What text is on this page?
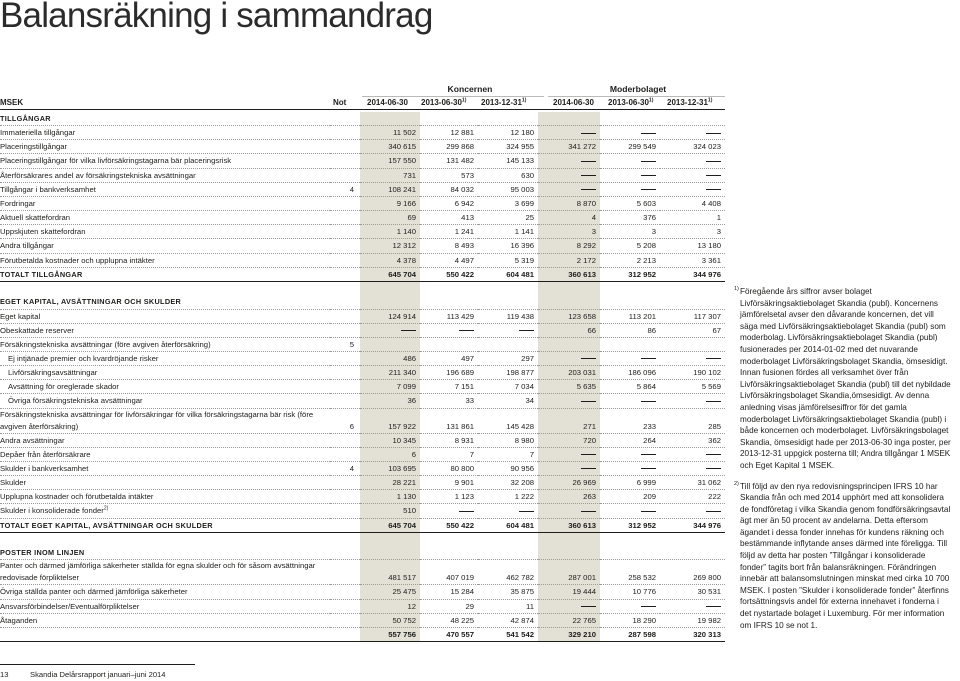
Balansräkning i sammandrag
Koncernen	Moderbolaget
MSEK	Not	2014-06-30 2013-06-30$^{1)}$ 2013-12-31$^{1)}$	2014-06-30 2013-06-30$^{1)}$ 2013-12-31$^{1)}$
TILLGÅNGAR							
Immateriella tillgångar		11 502	12 881	12 180			
Placeringstillgångar		340 615	299 868	324 955	341 272	299 549	324 023
Placeringstillgångar för vilka livförsäkringstagarna bär placeringsrisk		157 550	131 482	145 133			
Återförsäkrares andel av försäkringstekniska avsättningar		731	573	630			
Tillgångar i bankverksamhet	4	108 241	84 032	95 003			
Fordringar		9 166	6 942	3 699	8 870	5 603	4 408
Aktuell skattefordran		69	413	25	4	376	1
Uppskjuten skattefordran		1 140	1 241	1 141	3	3	3
Andra tillgångar		12 312	8 493	16 396	8 292	5 208	13 180
Förutbetalda kostnader och upplupna intäkter		4 378	4 497	5 319	2 172	2 213	3 361
TOTALT TILLGÅNGAR		645 704	550 422	604 481	360 613	312 952	344 976

EGET KAPITAL, AVSÄTTNINGAR OCH SKULDER							
Eget kapital		124 914	113 429	119 438	123 658	113 201	117 307
Obeskattade reserver					66	86	67
Försäkringstekniska avsättningar (före avgiven återförsäkring)	5						
Ej intjänade premier och kvardröjande risker		486	497	297			
Livförsäkringsavsättningar		211 340	196 689	198 877	203 031	186 096	190 102
Avsättning för oreglerade skador		7 099	7 151	7 034	5 635	5 864	5 569
Övriga försäkringstekniska avsättningar		36	33	34			
Försäkringstekniska avsättningar för livförsäkringar för vilka försäkringstagarna bär risk (före avgiven återförsäkring)	6	157 922	131 861	145 428	271	233	285
Andra avsättningar		10 345	8 931	8 980	720	264	362
Depåer från återförsäkrare		6	7	7			
Skulder i bankverksamhet	4	103 695	80 800	90 956			
Skulder		28 221	9 901	32 208	26 969	6 999	31 062
Upplupna kostnader och förutbetalda intäkter		1 130	1 123	1 222	263	209	222
Skulder i konsoliderade fonder$^{2)}$		510					
TOTALT EGET KAPITAL, AVSÄTTNINGAR OCH SKULDER		645 704	550 422	604 481	360 613	312 952	344 976

POSTER INOM LINJEN							
Panter och därmed jämförliga säkerheter ställda för egna skulder och för såsom avsättningar redovisade förpliktelser		481 517	407 019	462 782	287 001	258 532	269 800
Övriga ställda panter och därmed jämförliga säkerheter		25 475	15 284	35 875	19 444	10 776	30 531
Ansvarsförbindelser/Eventualförpliktelser		12	29	11			
Åtaganden		50 752	48 225	42 874	22 765	18 290	19 982
		557 756	470 557	541 542	329 210	287 598	320 313
1) Föregående års siffror avser bolaget Livförsäkringsaktiebolaget Skandia (publ). Koncernens jämförelsetal avser den dåvarande koncernen, det vill säga med Livförsäkringsaktiebolaget Skandia (publ) som moderbolag. Livförsäkringsaktiebolaget Skandia (publ) fusionerades per 2014-01-02 med det nuvarande moderbolaget Livförsäkringsbolaget Skandia, ömsesidigt. Innan fusionen fördes all verksamhet över från Livförsäkringsaktiebolaget Skandia (publ) till det nybildade Livförsäkringsbolaget Skandia,ömsesidigt. Av denna anledning visas jämförelsesiffror för det gamla moderbolaget Livförsäkringsaktiebolaget Skandia (publ) i både koncernen och moderbolaget. Livförsäkringsbolaget Skandia, ömsesidigt hade per 2013-06-30 inga poster, per 2013-12-31 uppgick posterna till; Andra tillgångar 1 MSEK och Eget Kapital 1 MSEK.
2) Till följd av den nya redovisningsprincipen IFRS 10 har Skandia från och med 2014 upphört med att konsolidera de fondföretag i vilka Skandia genom fondförsäkringsavtal ägt mer än 50 procent av andelarna. Detta eftersom ägandet i dessa fonder innehas för kundens räkning och bestämmande inflytande anses därmed inte föreligga. Till följd av detta har posten ”Tillgångar i konsoliderade fonder” tagits bort från balansräkningen. Förändringen innebär att balansomslutningen minskat med cirka 10 700 MSEK. I posten ”Skulder i konsoliderade fonder” återfinns fortsättningsvis andel för externa innehavet i fonderna i det nystartade bolaget i Luxemburg. För mer information om IFRS 10 se not 1.
13	Skandia Delårsrapport januari–juni 2014
